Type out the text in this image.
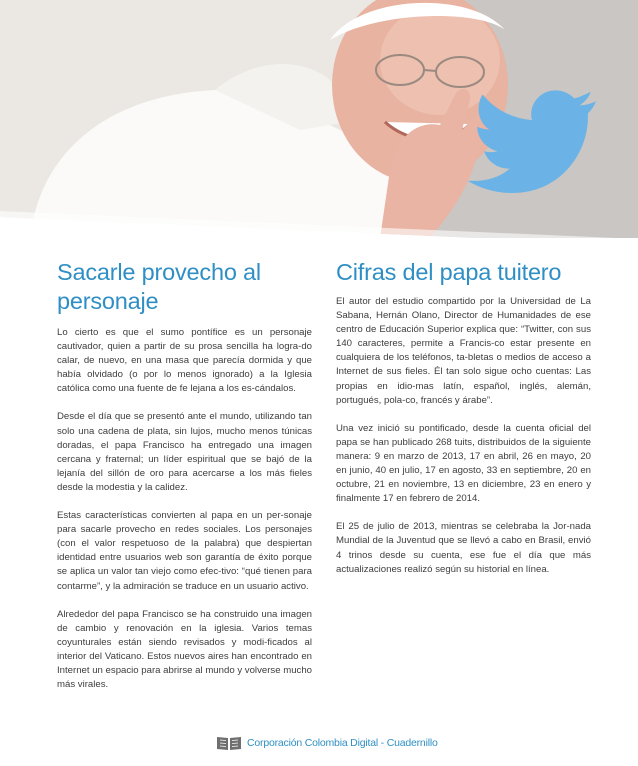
Sacarle provecho al personaje

Lo cierto es que el sumo pontífice es un personaje cautivador, quien a partir de su prosa sencilla ha logra-do calar, de nuevo, en una masa que parecía dormida y que había olvidado (o por lo menos ignorado) a la Iglesia católica como una fuente de fe lejana a los es-cándalos.

Desde el día que se presentó ante el mundo, utilizando tan solo una cadena de plata, sin lujos, mucho menos túnicas doradas, el papa Francisco ha entregado una imagen cercana y fraternal; un líder espiritual que se bajó de la lejanía del sillón de oro para acercarse a los más fieles desde la modestia y la calidez.

Estas características convierten al papa en un per-sonaje para sacarle provecho en redes sociales. Los personajes (con el valor respetuoso de la palabra) que despiertan identidad entre usuarios web son garantía de éxito porque se aplica un valor tan viejo como efec-tivo: “qué tienen para contarme”, y la admiración se traduce en un usuario activo.

Alrededor del papa Francisco se ha construido una imagen de cambio y renovación en la iglesia. Varios temas coyunturales están siendo revisados y modi-ficados al interior del Vaticano. Estos nuevos aires han encontrado en Internet un espacio para abrirse al mundo y volverse mucho más virales.

Cifras del papa tuitero

El autor del estudio compartido por la Universidad de La Sabana, Hernán Olano, Director de Humanidades de ese centro de Educación Superior explica que: “Twitter, con sus 140 caracteres, permite a Francis-co estar presente en cualquiera de los teléfonos, ta-bletas o medios de acceso a Internet de sus fieles. Él tan solo sigue ocho cuentas: Las propias en idio-mas latín, español, inglés, alemán, portugués, pola-co, francés y árabe”.

Una vez inició su pontificado, desde la cuenta oficial del papa se han publicado 268 tuits, distribuidos de la siguiente manera: 9 en marzo de 2013, 17 en abril, 26 en mayo, 20 en junio, 40 en julio, 17 en agosto, 33 en septiembre, 20 en octubre, 21 en noviembre, 13 en diciembre, 23 en enero y finalmente 17 en febrero de 2014.

El 25 de julio de 2013, mientras se celebraba la Jor-nada Mundial de la Juventud que se llevó a cabo en Brasil, envió 4 trinos desde su cuenta, ese fue el día que más actualizaciones realizó según su historial en línea.

Corporación Colombia Digital - Cuadernillo
